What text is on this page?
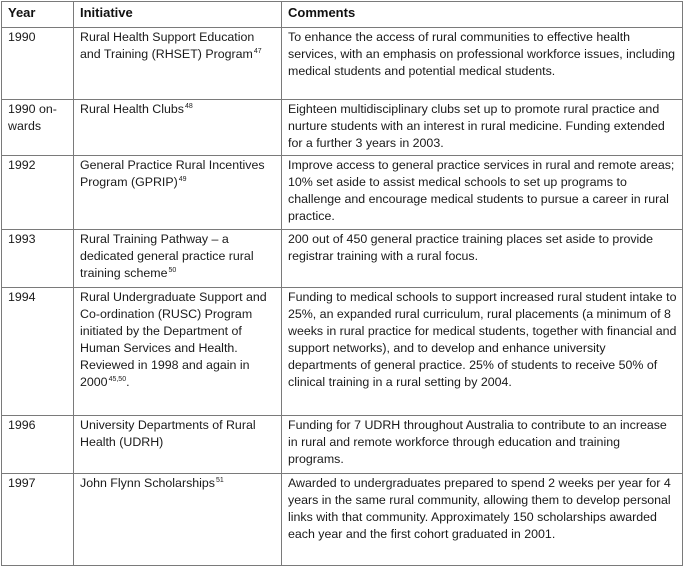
Year	Initiative	Comments
1990	Rural Health Support Education and Training (RHSET) Program$^{47}$	To enhance the access of rural communities to effective health services, with an emphasis on professional workforce issues, including medical students and potential medical students.
1990 on-wards	Rural Health Clubs$^{48}$	Eighteen multidisciplinary clubs set up to promote rural practice and nurture students with an interest in rural medicine. Funding extended for a further 3 years in 2003.
1992	General Practice Rural Incentives Program (GPRIP)$^{49}$	Improve access to general practice services in rural and remote areas; 10% set aside to assist medical schools to set up programs to challenge and encourage medical students to pursue a career in rural practice.
1993	Rural Training Pathway – a dedicated general practice rural training scheme$^{50}$	200 out of 450 general practice training places set aside to provide registrar training with a rural focus.
1994	Rural Undergraduate Support and Co-ordination (RUSC) Program initiated by the Department of Human Services and Health. Reviewed in 1998 and again in 2000$^{45,50}$.	Funding to medical schools to support increased rural student intake to 25%, an expanded rural curriculum, rural placements (a minimum of 8 weeks in rural practice for medical students, together with financial and support networks), and to develop and enhance university departments of general practice. 25% of students to receive 50% of clinical training in a rural setting by 2004.
1996	University Departments of Rural Health (UDRH)	Funding for 7 UDRH throughout Australia to contribute to an increase in rural and remote workforce through education and training programs.
1997	John Flynn Scholarships$^{51}$	Awarded to undergraduates prepared to spend 2 weeks per year for 4 years in the same rural community, allowing them to develop personal links with that community. Approximately 150 scholarships awarded each year and the first cohort graduated in 2001.
